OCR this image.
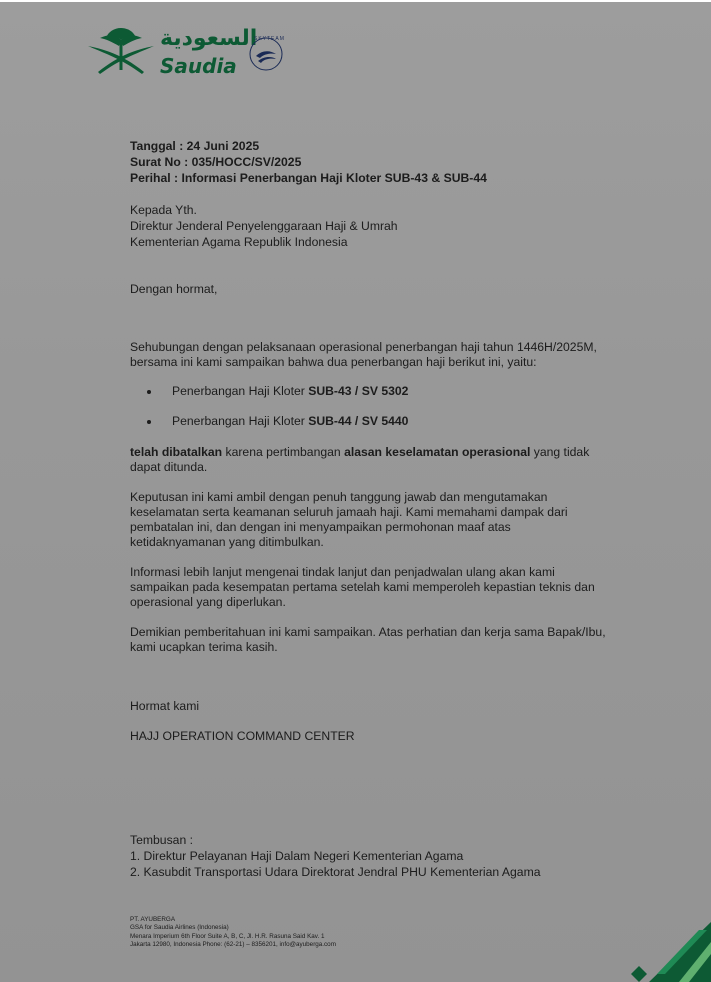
السعودية
Saudia
SKYTEAM
Tanggal : 24 Juni 2025
Surat No : 035/HOCC/SV/2025
Perihal : Informasi Penerbangan Haji Kloter SUB-43 & SUB-44
Kepada Yth.
Direktur Jenderal Penyelenggaraan Haji & Umrah
Kementerian Agama Republik Indonesia
Dengan hormat,
Sehubungan dengan pelaksanaan operasional penerbangan haji tahun 1446H/2025M,
bersama ini kami sampaikan bahwa dua penerbangan haji berikut ini, yaitu:
Penerbangan Haji Kloter SUB-43 / SV 5302
Penerbangan Haji Kloter SUB-44 / SV 5440
telah dibatalkan karena pertimbangan alasan keselamatan operasional yang tidak
dapat ditunda.
Keputusan ini kami ambil dengan penuh tanggung jawab dan mengutamakan
keselamatan serta keamanan seluruh jamaah haji. Kami memahami dampak dari
pembatalan ini, dan dengan ini menyampaikan permohonan maaf atas
ketidaknyamanan yang ditimbulkan.
Informasi lebih lanjut mengenai tindak lanjut dan penjadwalan ulang akan kami
sampaikan pada kesempatan pertama setelah kami memperoleh kepastian teknis dan
operasional yang diperlukan.
Demikian pemberitahuan ini kami sampaikan. Atas perhatian dan kerja sama Bapak/Ibu,
kami ucapkan terima kasih.
Hormat kami
HAJJ OPERATION COMMAND CENTER
Tembusan :
1. Direktur Pelayanan Haji Dalam Negeri Kementerian Agama
2. Kasubdit Transportasi Udara Direktorat Jendral PHU Kementerian Agama
PT. AYUBERGA
GSA for Saudia Airlines (Indonesia)
Menara Imperium 6th Floor Suite A, B, C, Jl. H.R. Rasuna Said Kav. 1
Jakarta 12980, Indonesia Phone: (62-21) – 8356201, info@ayuberga.com
